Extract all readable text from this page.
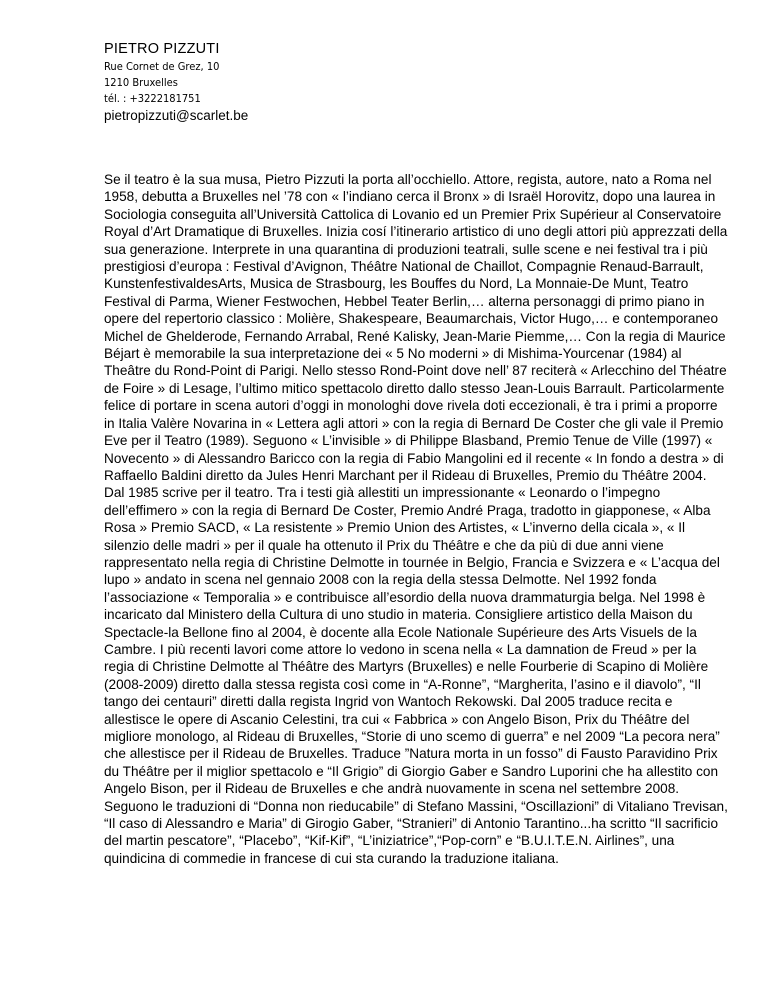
PIETRO PIZZUTI
Rue Cornet de Grez, 10
1210 Bruxelles
tél. : +3222181751
pietropizzuti@scarlet.be
Se il teatro è la sua musa, Pietro Pizzuti la porta all’occhiello. Attore, regista, autore, nato a Roma nel 1958, debutta a Bruxelles nel ’78 con « l’indiano cerca il Bronx » di Israël Horovitz, dopo una laurea in Sociologia conseguita all’Università Cattolica di Lovanio ed un Premier Prix Supérieur al Conservatoire Royal d’Art Dramatique di Bruxelles. Inizia cosí l’itinerario artistico di uno degli attori più apprezzati della sua generazione. Interprete in una quarantina di produzioni teatrali, sulle scene e nei festival tra i più prestigiosi d’europa : Festival d’Avignon, Théâtre National de Chaillot, Compagnie Renaud-Barrault, KunstenfestivaldesArts, Musica de Strasbourg, les Bouffes du Nord, La Monnaie-De Munt, Teatro Festival di Parma, Wiener Festwochen, Hebbel Teater Berlin,… alterna personaggi di primo piano in opere del repertorio classico : Molière, Shakespeare, Beaumarchais, Victor Hugo,… e contemporaneo Michel de Ghelderode, Fernando Arrabal, René Kalisky, Jean-Marie Piemme,… Con la regia di Maurice Béjart è memorabile la sua interpretazione dei « 5 No moderni » di Mishima-Yourcenar (1984) al Theâtre du Rond-Point di Parigi. Nello stesso Rond-Point dove nell’ 87 reciterà « Arlecchino del Théatre de Foire » di Lesage, l’ultimo mitico spettacolo diretto dallo stesso Jean-Louis Barrault. Particolarmente felice di portare in scena autori d’oggi in monologhi dove rivela doti eccezionali, è tra i primi a proporre in Italia Valère Novarina in « Lettera agli attori » con la regia di Bernard De Coster che gli vale il Premio Eve per il Teatro (1989). Seguono « L’invisible » di Philippe Blasband, Premio Tenue de Ville (1997) « Novecento » di Alessandro Baricco con la regia di Fabio Mangolini ed il recente « In fondo a destra » di Raffaello Baldini diretto da Jules Henri Marchant per il Rideau di Bruxelles, Premio du Théâtre 2004. Dal 1985 scrive per il teatro. Tra i testi già allestiti un impressionante « Leonardo o l’impegno dell’effimero » con la regia di Bernard De Coster, Premio André Praga, tradotto in giapponese, « Alba Rosa » Premio SACD, « La resistente » Premio Union des Artistes, « L’inverno della cicala », « Il silenzio delle madri » per il quale ha ottenuto il Prix du Théâtre e che da più di due anni viene rappresentato nella regia di Christine Delmotte in tournée in Belgio, Francia e Svizzera e « L’acqua del lupo » andato in scena nel gennaio 2008 con la regia della stessa Delmotte. Nel 1992 fonda l’associazione « Temporalia » e contribuisce all’esordio della nuova drammaturgia belga. Nel 1998 è incaricato dal Ministero della Cultura di uno studio in materia. Consigliere artistico della Maison du Spectacle-la Bellone fino al 2004, è docente alla Ecole Nationale Supérieure des Arts Visuels de la Cambre. I più recenti lavori come attore lo vedono in scena nella « La damnation de Freud » per la regia di Christine Delmotte al Théâtre des Martyrs (Bruxelles) e nelle Fourberie di Scapino di Molière (2008-2009) diretto dalla stessa regista così come in “A-Ronne”, “Margherita, l’asino e il diavolo”, “Il tango dei centauri” diretti dalla regista Ingrid von Wantoch Rekowski. Dal 2005 traduce recita e allestisce le opere di Ascanio Celestini, tra cui « Fabbrica » con Angelo Bison, Prix du Théâtre del migliore monologo, al Rideau di Bruxelles, “Storie di uno scemo di guerra” e nel 2009 “La pecora nera” che allestisce per il Rideau de Bruxelles. Traduce ”Natura morta in un fosso” di Fausto Paravidino Prix du Théâtre per il miglior spettacolo e “Il Grigio” di Giorgio Gaber e Sandro Luporini che ha allestito con Angelo Bison, per il Rideau de Bruxelles e che andrà nuovamente in scena nel settembre 2008. Seguono le traduzioni di “Donna non rieducabile” di Stefano Massini, “Oscillazioni” di Vitaliano Trevisan, “Il caso di Alessandro e Maria” di Girogio Gaber, “Stranieri” di Antonio Tarantino...ha scritto “Il sacrificio del martin pescatore”, “Placebo”, “Kif-Kif”, “L’iniziatrice”,“Pop-corn” e “B.U.I.T.E.N. Airlines”, una quindicina di commedie in francese di cui sta curando la traduzione italiana.
